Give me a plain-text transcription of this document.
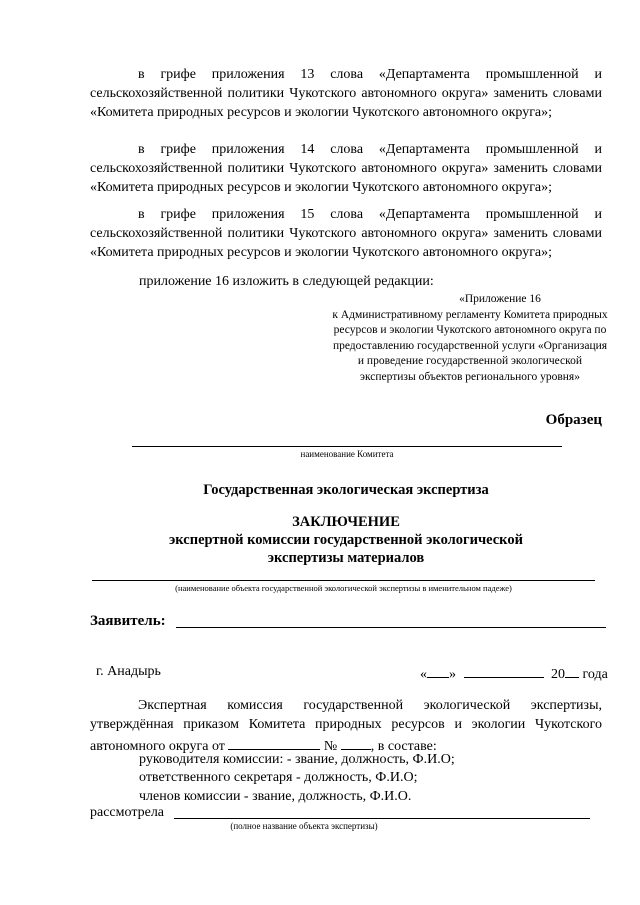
в грифе приложения 13 слова «Департамента промышленной и сельскохозяйственной политики Чукотского автономного округа» заменить словами «Комитета природных ресурсов и экологии Чукотского автономного округа»;

в грифе приложения 14 слова «Департамента промышленной и сельскохозяйственной политики Чукотского автономного округа» заменить словами «Комитета природных ресурсов и экологии Чукотского автономного округа»;

в грифе приложения 15 слова «Департамента промышленной и сельскохозяйственной политики Чукотского автономного округа» заменить словами «Комитета природных ресурсов и экологии Чукотского автономного округа»;

приложение 16 изложить в следующей редакции:
«Приложение 16
к Административному регламенту Комитета природных ресурсов и экологии Чукотского автономного округа по предоставлению государственной услуги «Организация и проведение государственной экологической экспертизы объектов регионального уровня»
Образец
наименование Комитета
Государственная экологическая экспертиза
ЗАКЛЮЧЕНИЕ
экспертной комиссии государственной экологической
экспертизы материалов
(наименование объекта государственной экологической экспертизы в именительном падеже)
Заявитель:
г. Анадырь	« »	20 года

Экспертная комиссия государственной экологической экспертизы, утверждённая приказом Комитета природных ресурсов и экологии Чукотского автономного округа от	№ , в составе:

руководителя комиссии: - звание, должность, Ф.И.О;
ответственного секретаря - должность, Ф.И.О;
членов комиссии - звание, должность, Ф.И.О.
рассмотрела
(полное название объекта экспертизы)
